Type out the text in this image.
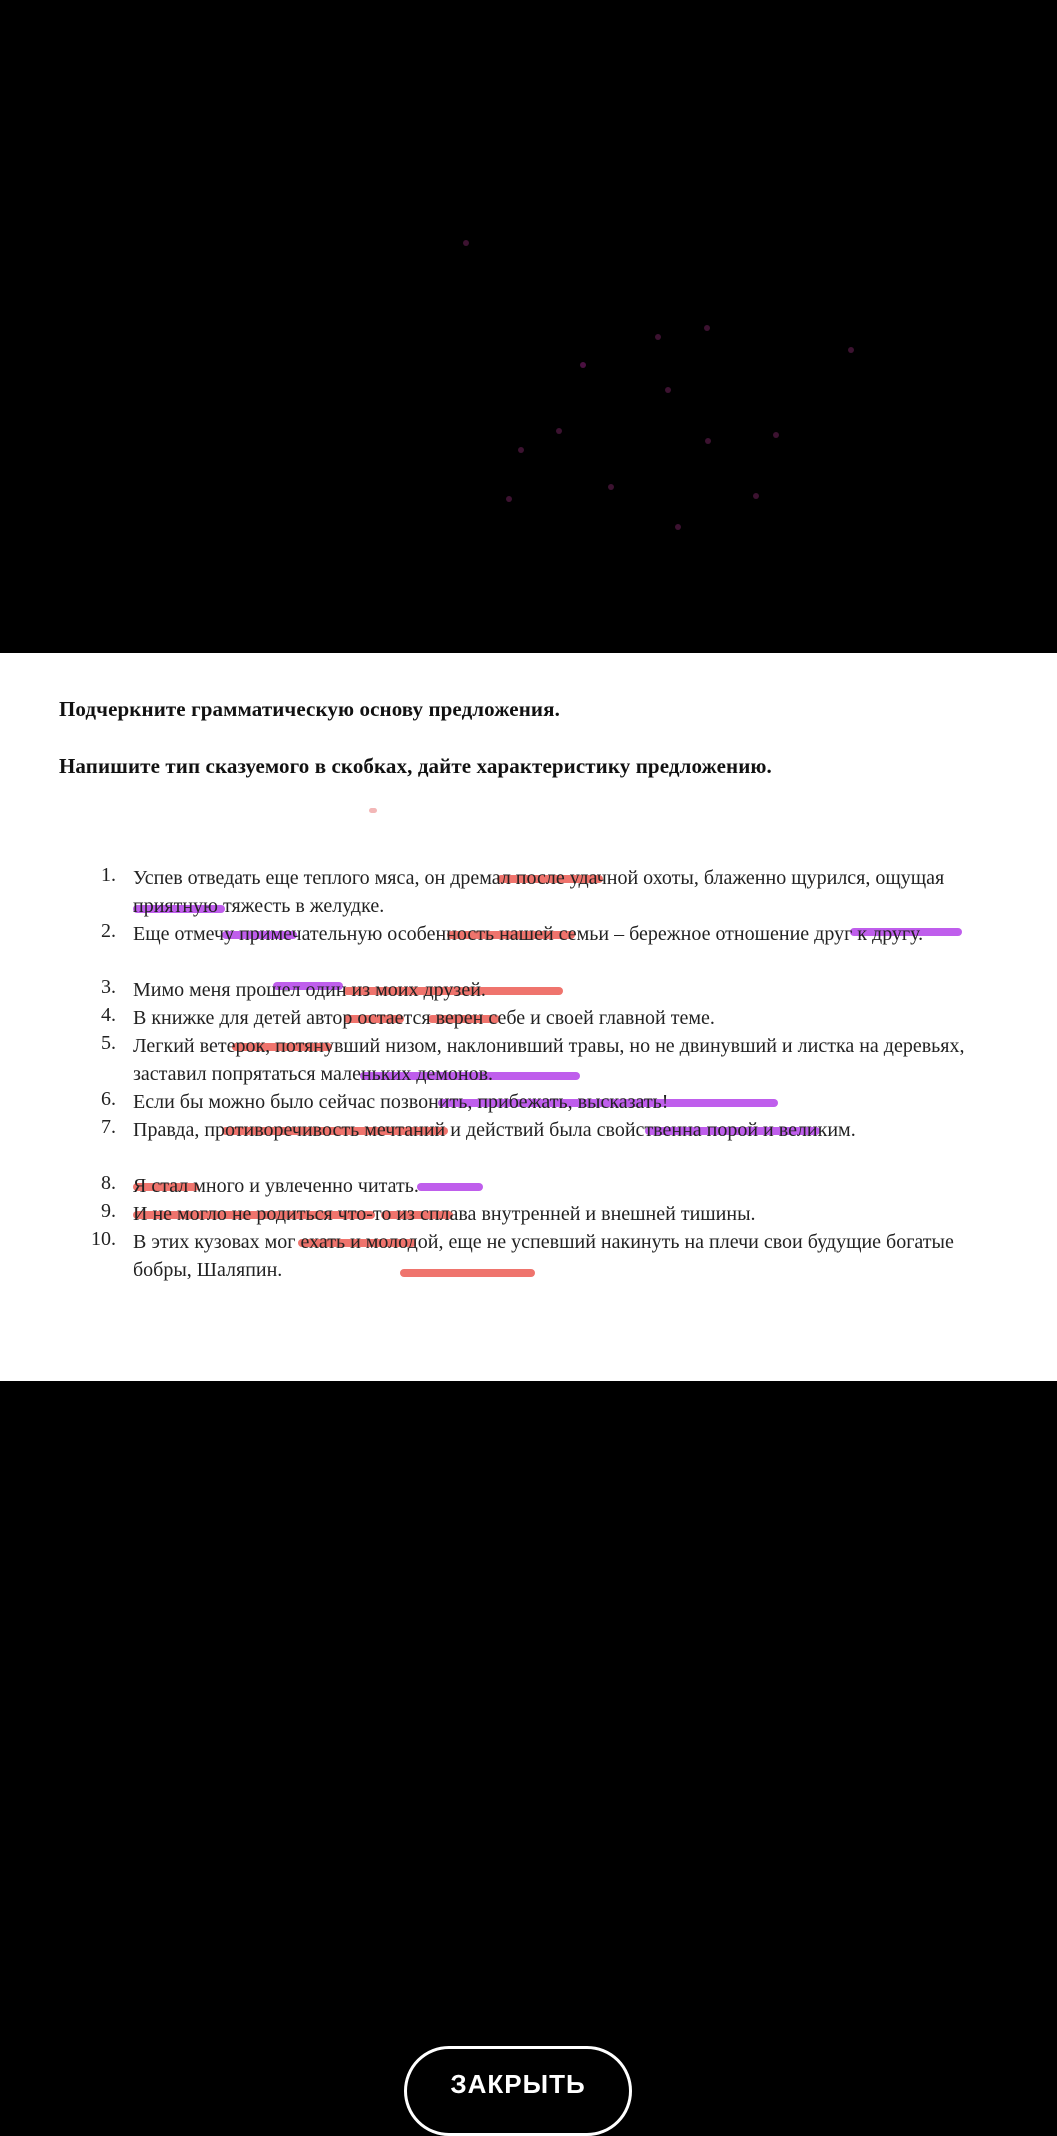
Подчеркните грамматическую основу предложения.
Напишите тип сказуемого в скобках, дайте характеристику предложению.
1. Успев отведать еще теплого мяса, он дремал после удачной охоты, блаженно щурился, ощущая приятную тяжесть в желудке.
2. Еще отмечу примечательную особенность нашей семьи – бережное отношение друг к другу.
3. Мимо меня прошел один из моих друзей.
4. В книжке для детей автор остается верен себе и своей главной теме.
5. Легкий ветерок, потянувший низом, наклонивший травы, но не двинувший и листка на деревьях, заставил попрятаться маленьких демонов.
6. Если бы можно было сейчас позвонить, прибежать, высказать!
7. Правда, противоречивость мечтаний и действий была свойственна порой и великим.
8. Я стал много и увлеченно читать.
9. И не могло не родиться что-то из сплава внутренней и внешней тишины.
10. В этих кузовах мог ехать и молодой, еще не успевший накинуть на плечи свои будущие богатые бобры, Шаляпин.
ЗАКРЫТЬ
